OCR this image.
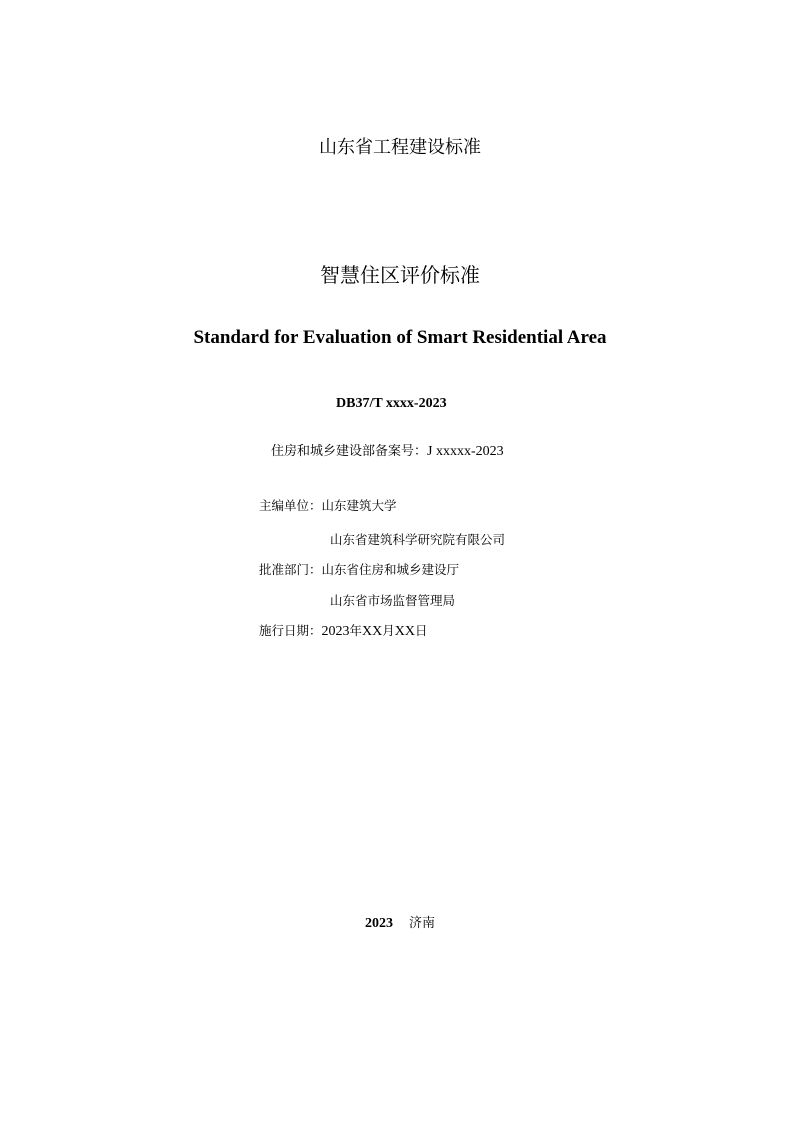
山东省工程建设标准
智慧住区评价标准
Standard for Evaluation of Smart Residential Area
DB37/T xxxx-2023
住房和城乡建设部备案号：J xxxxx-2023
主编单位：山东建筑大学
山东省建筑科学研究院有限公司
批准部门：山东省住房和城乡建设厅
山东省市场监督管理局
施行日期：2023年XX月XX日
2023 济南
